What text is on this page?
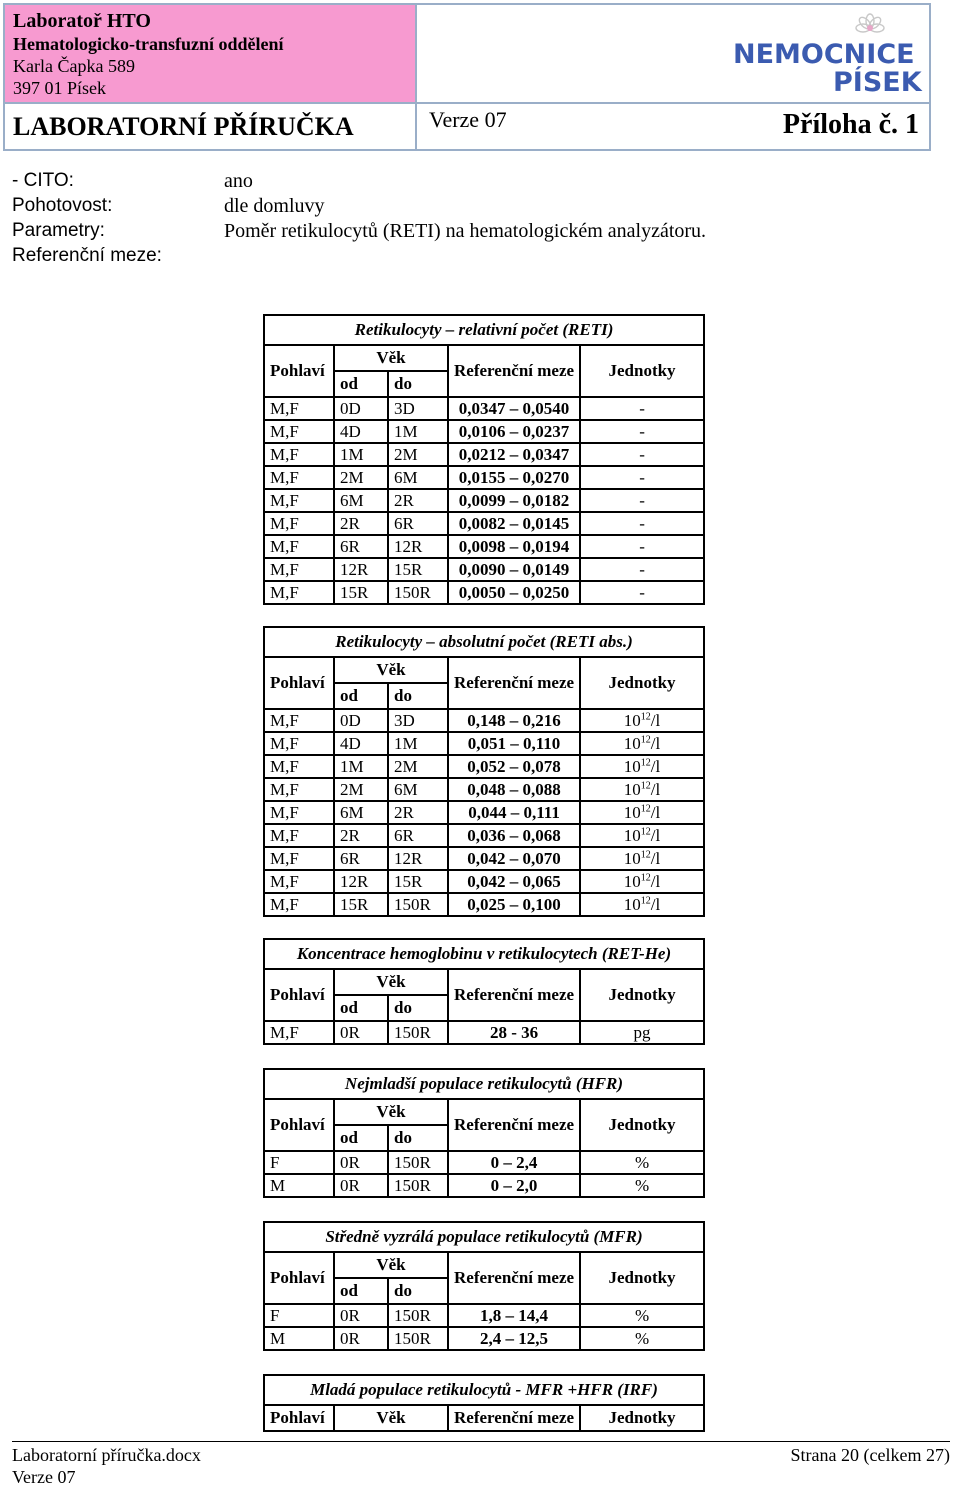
Laboratoř HTO
Hematologicko-transfuzní oddělení
Karla Čapka 589
397 01 Písek
NEMOCNICE
PÍSEK
LABORATORNÍ PŘÍRUČKA	Verze 07	Příloha č. 1
- CITO:	ano
Pohotovost:	dle domluvy
Parametry:	Poměr retikulocytů (RETI) na hematologickém analyzátoru.
Referenční meze:
Retikulocyty – relativní počet (RETI)				
Pohlaví	Věk		Referenční meze	Jednotky
	od	do		
M,F	0D	3D	0,0347 – 0,0540	-
M,F	4D	1M	0,0106 – 0,0237	-
M,F	1M	2M	0,0212 – 0,0347	-
M,F	2M	6M	0,0155 – 0,0270	-
M,F	6M	2R	0,0099 – 0,0182	-
M,F	2R	6R	0,0082 – 0,0145	-
M,F	6R	12R	0,0098 – 0,0194	-
M,F	12R	15R	0,0090 – 0,0149	-
M,F	15R	150R	0,0050 – 0,0250	-
Retikulocyty – absolutní počet (RETI abs.)				
Pohlaví	Věk		Referenční meze	Jednotky
	od	do		
M,F	0D	3D	0,148 – 0,216	$10^{12}/l$
M,F	4D	1M	0,051 – 0,110	$10^{12}/l$
M,F	1M	2M	0,052 – 0,078	$10^{12}/l$
M,F	2M	6M	0,048 – 0,088	$10^{12}/l$
M,F	6M	2R	0,044 – 0,111	$10^{12}/l$
M,F	2R	6R	0,036 – 0,068	$10^{12}/l$
M,F	6R	12R	0,042 – 0,070	$10^{12}/l$
M,F	12R	15R	0,042 – 0,065	$10^{12}/l$
M,F	15R	150R	0,025 – 0,100	$10^{12}/l$
Koncentrace hemoglobinu v retikulocytech (RET-He)				
Pohlaví	Věk		Referenční meze	Jednotky
	od	do		
M,F	0R	150R	28 - 36	pg
Nejmladší populace retikulocytů (HFR)				
Pohlaví	Věk		Referenční meze	Jednotky
	od	do		
F	0R	150R	0 – 2,4	%
M	0R	150R	0 – 2,0	%
Středně vyzrálá populace retikulocytů (MFR)				
Pohlaví	Věk		Referenční meze	Jednotky
	od	do		
F	0R	150R	1,8 – 14,4	%
M	0R	150R	2,4 – 12,5	%
Mladá populace retikulocytů - MFR +HFR (IRF)
Pohlaví	Věk	Referenční meze	Jednotky
Laboratorní příručka.docx
Verze 07
Strana 20 (celkem 27)
